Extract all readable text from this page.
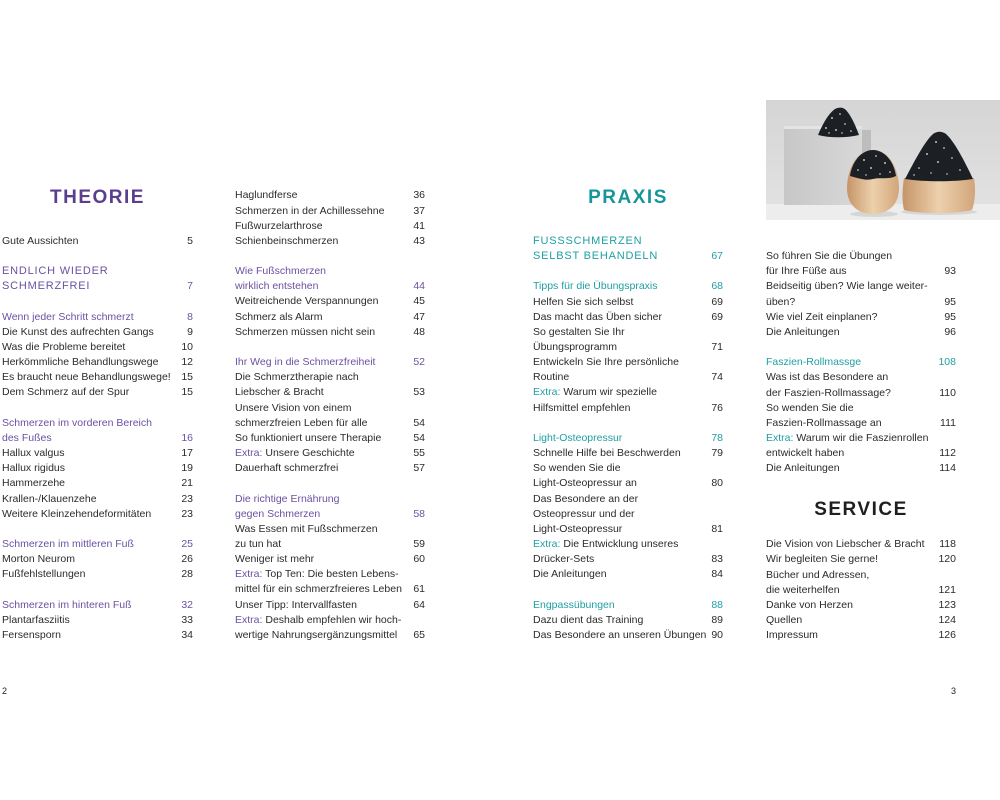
THEORIE
Gute Aussichten	5
ENDLICH WIEDER
SCHMERZFREI	7
Wenn jeder Schritt schmerzt	8
Die Kunst des aufrechten Gangs	9
Was die Probleme bereitet	10
Herkömmliche Behandlungswege	12
Es braucht neue Behandlungswege!	15
Dem Schmerz auf der Spur	15
Schmerzen im vorderen Bereich
des Fußes	16
Hallux valgus	17
Hallux rigidus	19
Hammerzehe	21
Krallen-/Klauenzehe	23
Weitere Kleinzehendeformitäten	23
Schmerzen im mittleren Fuß	25
Morton Neurom	26
Fußfehlstellungen	28
Schmerzen im hinteren Fuß	32
Plantarfasziitis	33
Fersensporn	34
Haglundferse	36
Schmerzen in der Achillessehne	37
Fußwurzelarthrose	41
Schienbeinschmerzen	43
Wie Fußschmerzen
wirklich entstehen	44
Weitreichende Verspannungen	45
Schmerz als Alarm	47
Schmerzen müssen nicht sein	48
Ihr Weg in die Schmerzfreiheit	52
Die Schmerztherapie nach
Liebscher & Bracht	53
Unsere Vision von einem
schmerzfreien Leben für alle	54
So funktioniert unsere Therapie	54
Extra: Unsere Geschichte	55
Dauerhaft schmerzfrei	57
Die richtige Ernährung
gegen Schmerzen	58
Was Essen mit Fußschmerzen
zu tun hat	59
Weniger ist mehr	60
Extra: Top Ten: Die besten Lebens-
mittel für ein schmerzfreieres Leben	61
Unser Tipp: Intervallfasten	64
Extra: Deshalb empfehlen wir hoch-
wertige Nahrungsergänzungsmittel	65
2
PRAXIS
FUSSSCHMERZEN
SELBST BEHANDELN	67
Tipps für die Übungspraxis	68
Helfen Sie sich selbst	69
Das macht das Üben sicher	69
So gestalten Sie Ihr
Übungsprogramm	71
Entwickeln Sie Ihre persönliche
Routine	74
Extra: Warum wir spezielle
Hilfsmittel empfehlen	76
Light-Osteopressur	78
Schnelle Hilfe bei Beschwerden	79
So wenden Sie die
Light-Osteopressur an	80
Das Besondere an der
Osteopressur und der
Light-Osteopressur	81
Extra: Die Entwicklung unseres
Drücker-Sets	83
Die Anleitungen	84
Engpassübungen	88
Dazu dient das Training	89
Das Besondere an unseren Übungen 90
So führen Sie die Übungen
für Ihre Füße aus	93
Beidseitig üben? Wie lange weiter-
üben?	95
Wie viel Zeit einplanen?	95
Die Anleitungen	96
Faszien-Rollmassge	108
Was ist das Besondere an
der Faszien-Rollmassage?	110
So wenden Sie die
Faszien-Rollmassage an	111
Extra: Warum wir die Faszienrollen
entwickelt haben	112
Die Anleitungen	114
SERVICE
Die Vision von Liebscher & Bracht	118
Wir begleiten Sie gerne!	120
Bücher und Adressen,
die weiterhelfen	121
Danke von Herzen	123
Quellen	124
Impressum	126
3
